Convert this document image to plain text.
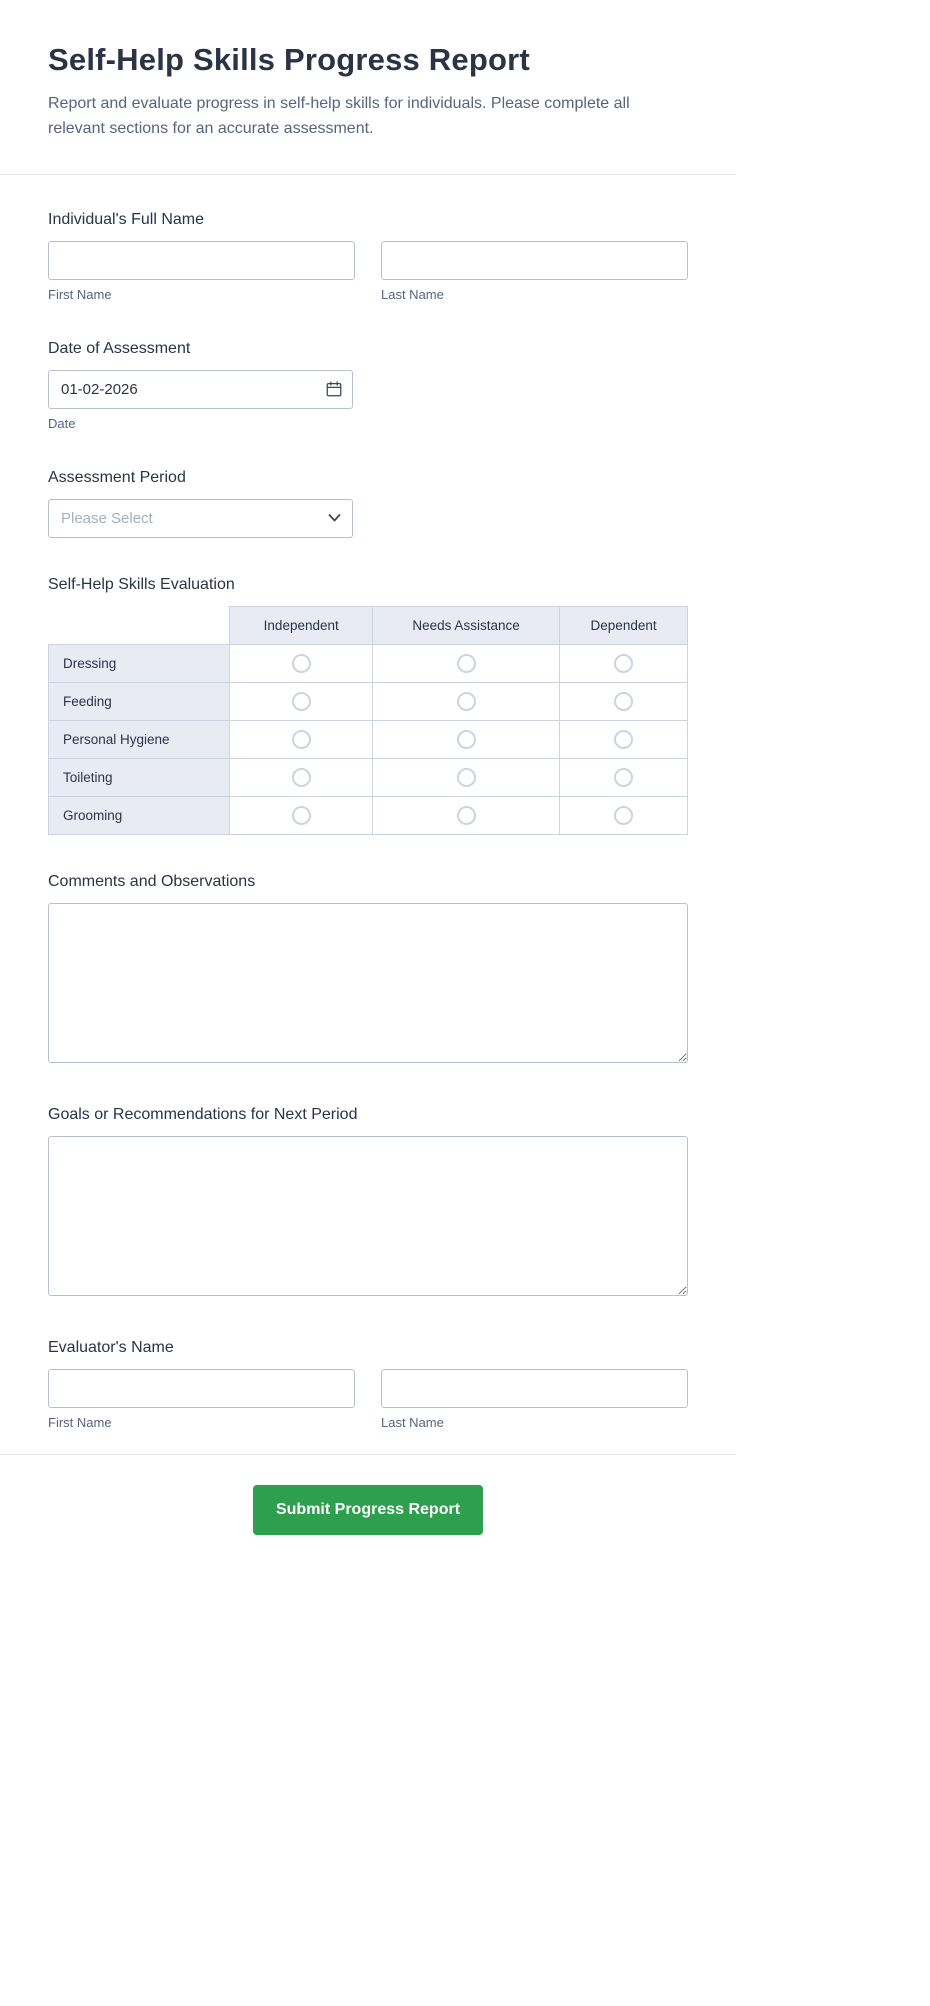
Self-Help Skills Progress Report

Report and evaluate progress in self-help skills for individuals. Please complete all relevant sections for an accurate assessment.

Individual's Full Name
First Name	Last Name
Date of Assessment
01-02-2026
Date
Assessment Period
Please Select
Self-Help Skills Evaluation
	Independent	Needs Assistance	Dependent
Dressing			
Feeding			
Personal Hygiene			
Toileting			
Grooming			
Comments and Observations
Goals or Recommendations for Next Period
Evaluator's Name
First Name	Last Name
Submit Progress Report
